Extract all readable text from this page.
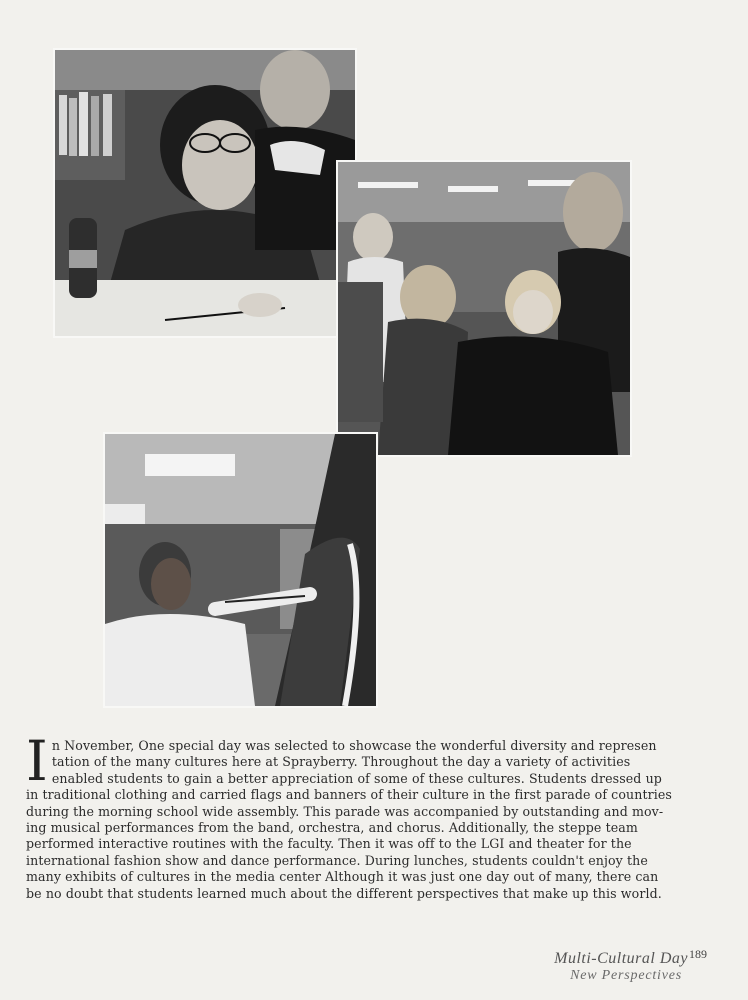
I n November, One special day was selected to showcase the wonderful diversity and represen
tation of the many cultures here at Sprayberry. Throughout the day a variety of activities
enabled students to gain a better appreciation of some of these cultures. Students dressed up
in traditional clothing and carried flags and banners of their culture in the first parade of countries
during the morning school wide assembly. This parade was accompanied by outstanding and mov-
ing musical performances from the band, orchestra, and chorus. Additionally, the steppe team
performed interactive routines with the faculty. Then it was off to the LGI and theater for the
international fashion show and dance performance. During lunches, students couldn't enjoy the
many exhibits of cultures in the media center Although it was just one day out of many, there can
be no doubt that students learned much about the different perspectives that make up this world.
Multi-Cultural Day
New Perspectives
189
